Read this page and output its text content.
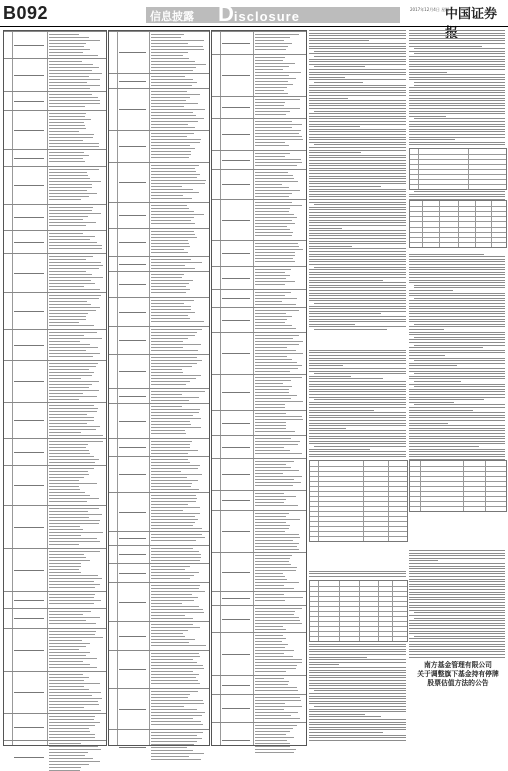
B092	信息披露 Disclosure	2017年12月4日 星期一
中国证券
南方基金管理有限公司
关于调整旗下基金持有停牌
股票估值方法的公告
